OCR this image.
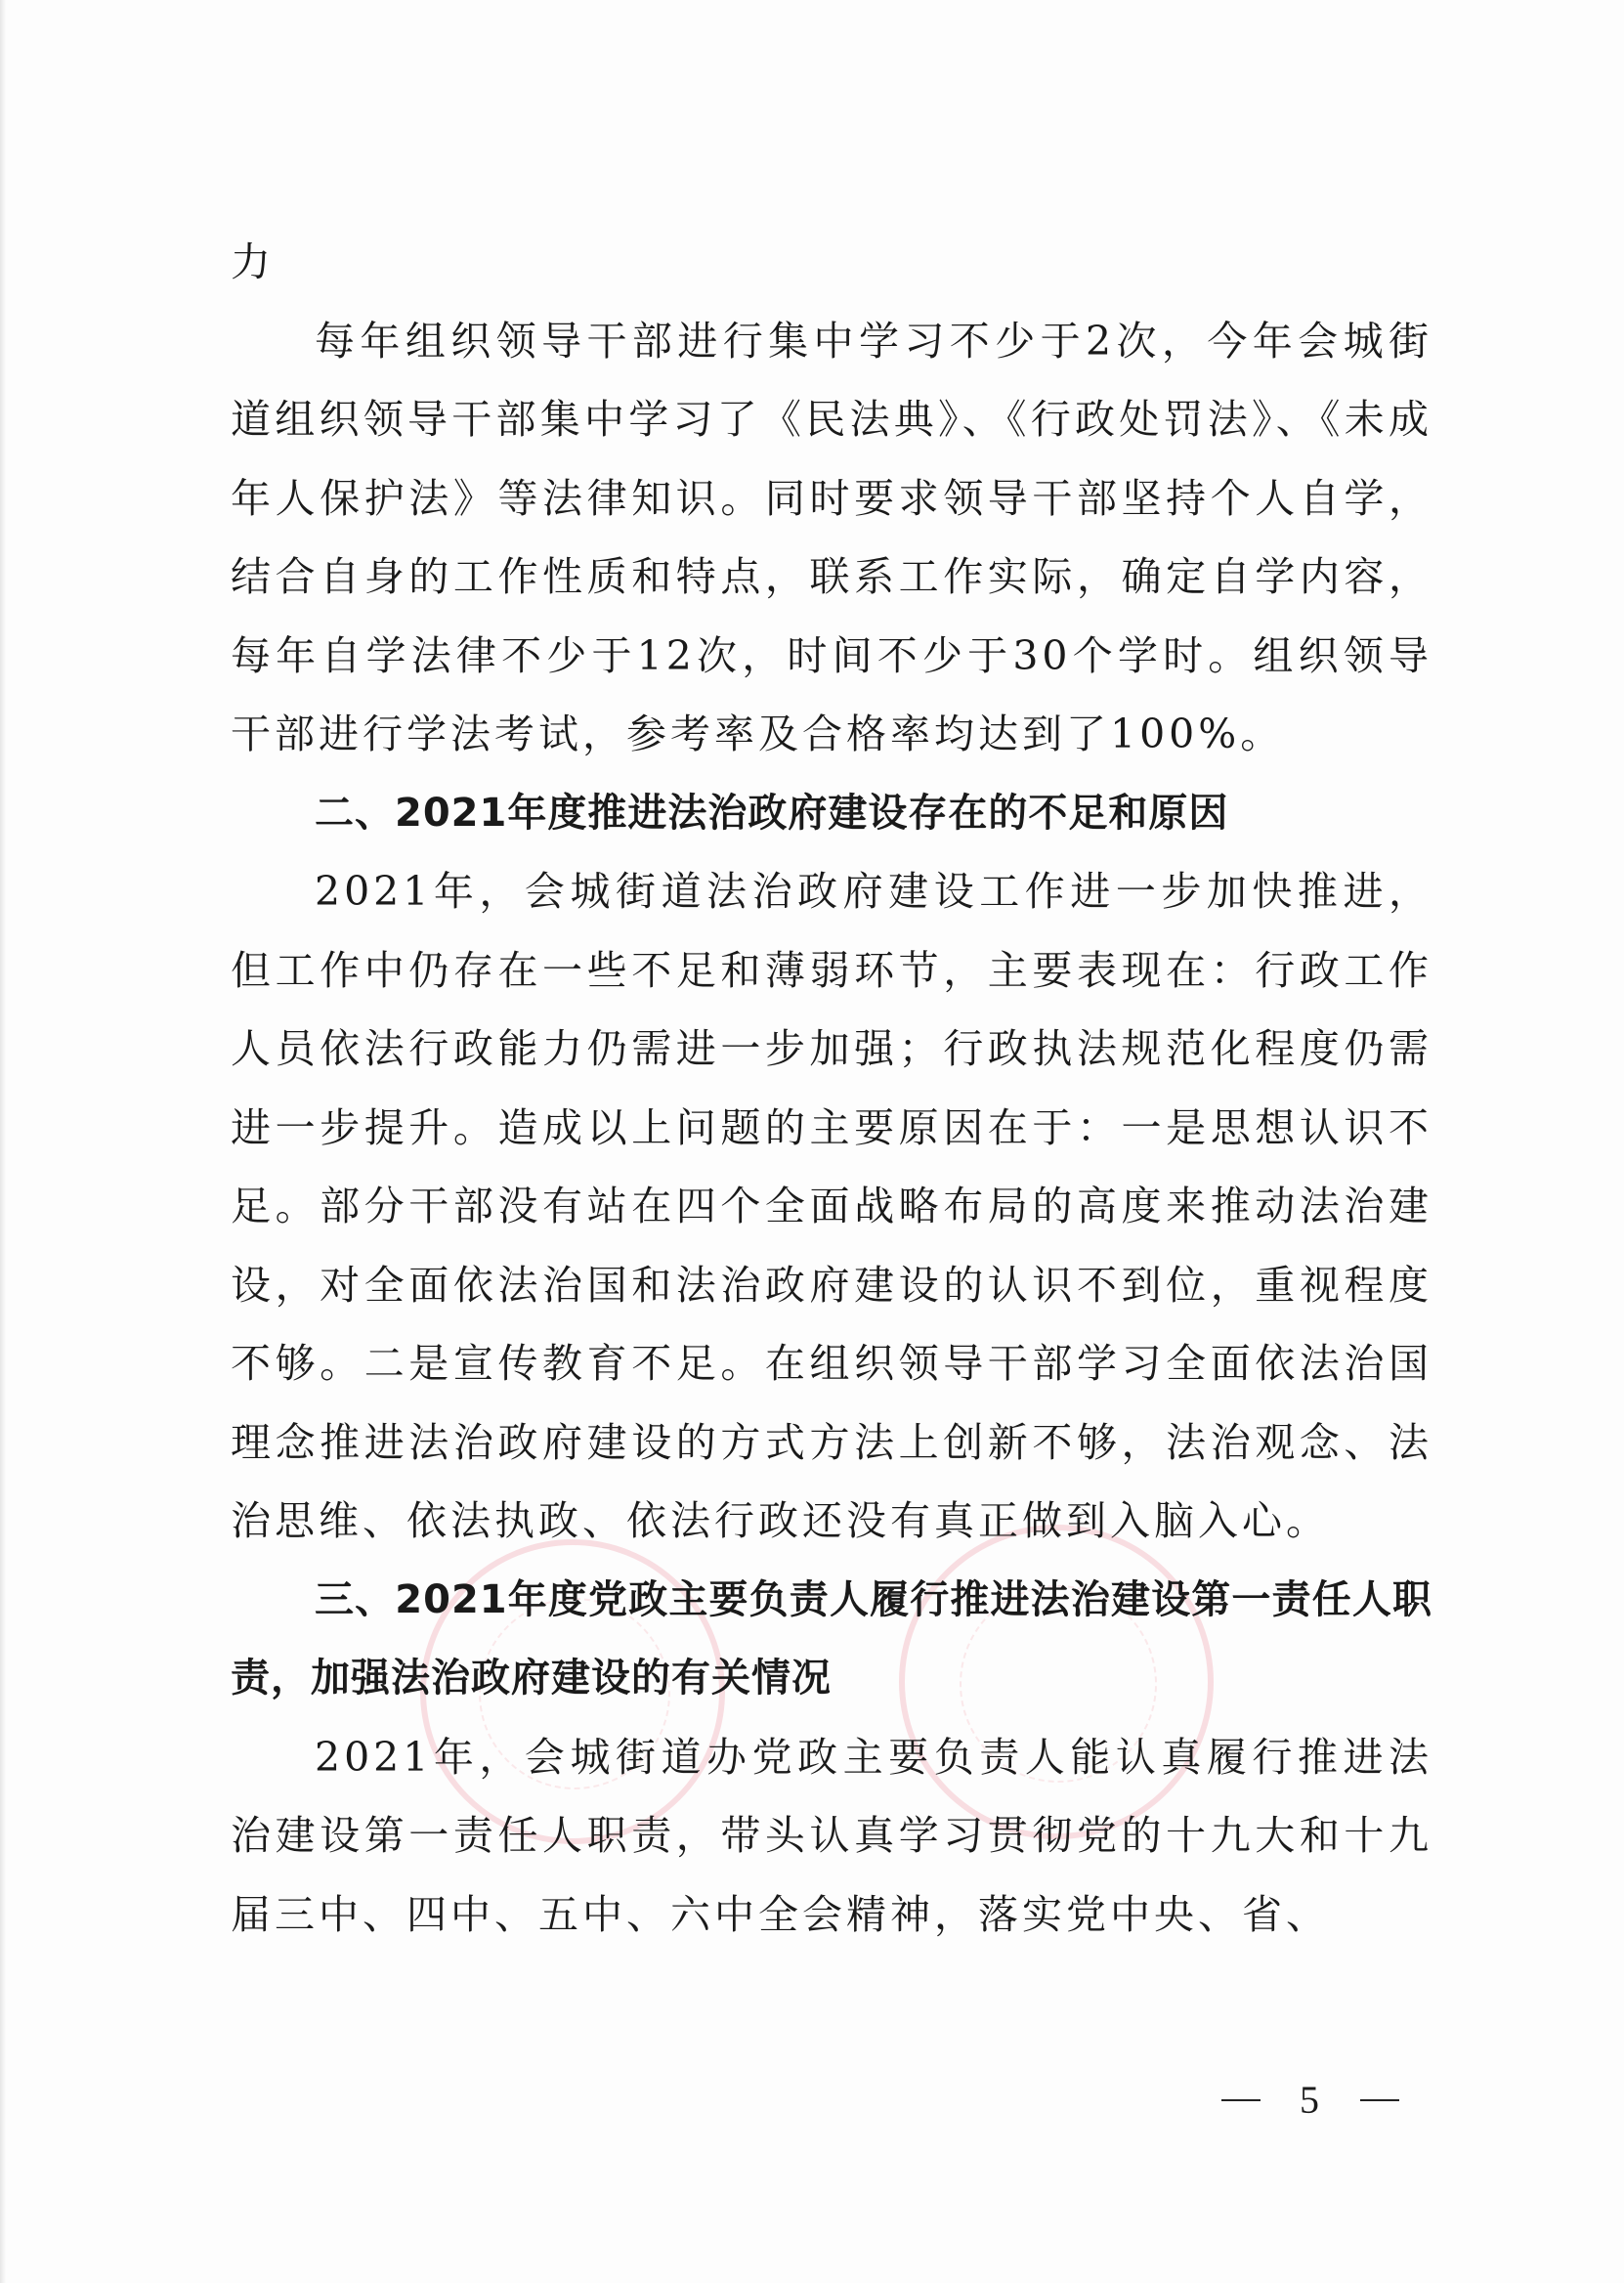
力

每年组织领导干部进行集中学习不少于2次，今年会城街道组织领导干部集中学习了《民法典》、《行政处罚法》、《未成年人保护法》等法律知识。同时要求领导干部坚持个人自学，结合自身的工作性质和特点，联系工作实际，确定自学内容，每年自学法律不少于12次，时间不少于30个学时。组织领导干部进行学法考试，参考率及合格率均达到了100%。

二、2021年度推进法治政府建设存在的不足和原因

2021年，会城街道法治政府建设工作进一步加快推进，但工作中仍存在一些不足和薄弱环节，主要表现在：行政工作人员依法行政能力仍需进一步加强；行政执法规范化程度仍需进一步提升。造成以上问题的主要原因在于：一是思想认识不足。部分干部没有站在四个全面战略布局的高度来推动法治建设，对全面依法治国和法治政府建设的认识不到位，重视程度不够。二是宣传教育不足。在组织领导干部学习全面依法治国理念推进法治政府建设的方式方法上创新不够，法治观念、法治思维、依法执政、依法行政还没有真正做到入脑入心。

三、2021年度党政主要负责人履行推进法治建设第一责任人职责，加强法治政府建设的有关情况

2021年，会城街道办党政主要负责人能认真履行推进法治建设第一责任人职责，带头认真学习贯彻党的十九大和十九届三中、四中、五中、六中全会精神，落实党中央、省、

5
